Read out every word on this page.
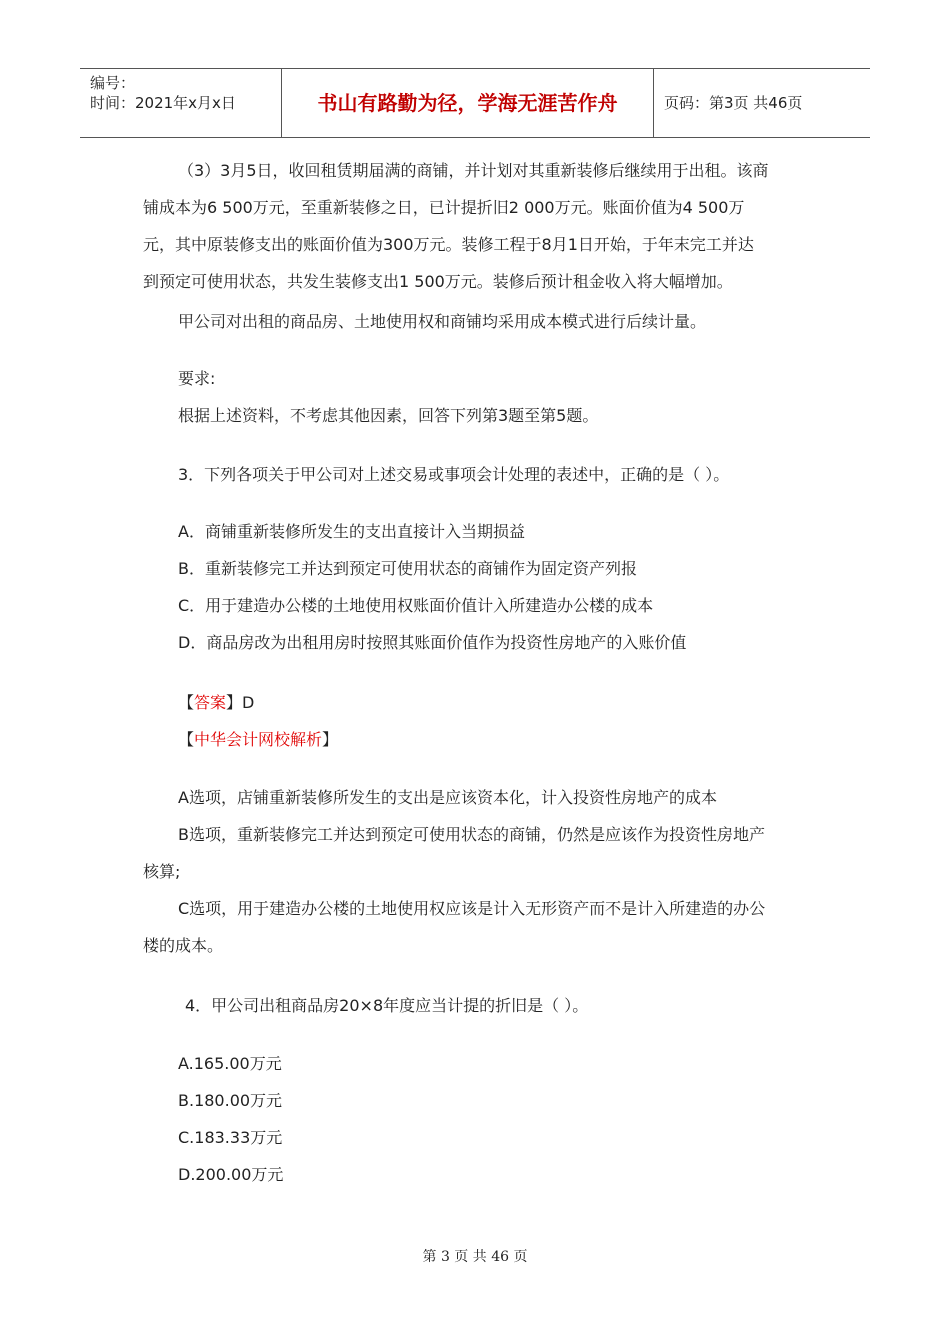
编号：
时间：2021年x月x日	书山有路勤为径，学海无涯苦作舟	页码：第3页 共46页
（3）3月5日，收回租赁期届满的商铺，并计划对其重新装修后继续用于出租。该商
铺成本为6 500万元，至重新装修之日，已计提折旧2 000万元。账面价值为4 500万
元，其中原装修支出的账面价值为300万元。装修工程于8月1日开始，于年末完工并达
到预定可使用状态，共发生装修支出1 500万元。装修后预计租金收入将大幅增加。
甲公司对出租的商品房、土地使用权和商铺均采用成本模式进行后续计量。
要求:
根据上述资料，不考虑其他因素，回答下列第3题至第5题。
3．下列各项关于甲公司对上述交易或事项会计处理的表述中，正确的是（ ）。
A．商铺重新装修所发生的支出直接计入当期损益
B．重新装修完工并达到预定可使用状态的商铺作为固定资产列报
C．用于建造办公楼的土地使用权账面价值计入所建造办公楼的成本
D．商品房改为出租用房时按照其账面价值作为投资性房地产的入账价值
【答案】D
【中华会计网校解析】
A选项，店铺重新装修所发生的支出是应该资本化，计入投资性房地产的成本
B选项，重新装修完工并达到预定可使用状态的商铺，仍然是应该作为投资性房地产
核算;
C选项，用于建造办公楼的土地使用权应该是计入无形资产而不是计入所建造的办公
楼的成本。
4．甲公司出租商品房20×8年度应当计提的折旧是（ ）。
A.165.00万元
B.180.00万元
C.183.33万元
D.200.00万元
第 3 页 共 46 页
